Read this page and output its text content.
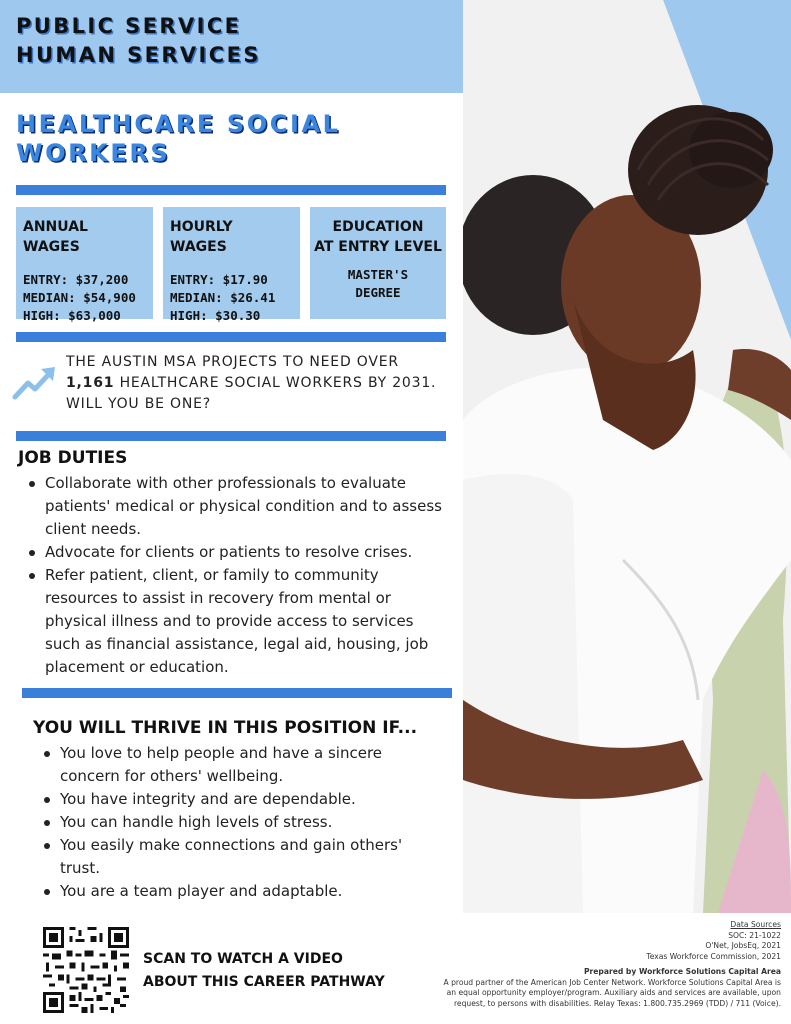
PUBLIC SERVICE
HUMAN SERVICES
HEALTHCARE SOCIAL
WORKERS
ANNUAL WAGES
ENTRY: $37,200
MEDIAN: $54,900
HIGH: $63,000
HOURLY WAGES
ENTRY: $17.90
MEDIAN: $26.41
HIGH: $30.30
EDUCATION
AT ENTRY LEVEL
MASTER'S
DEGREE
THE AUSTIN MSA PROJECTS TO NEED OVER 1,161 HEALTHCARE SOCIAL WORKERS BY 2031. WILL YOU BE ONE?
JOB DUTIES
Collaborate with other professionals to evaluate patients' medical or physical condition and to assess client needs.
Advocate for clients or patients to resolve crises.
Refer patient, client, or family to community resources to assist in recovery from mental or physical illness and to provide access to services such as financial assistance, legal aid, housing, job placement or education.
YOU WILL THRIVE IN THIS POSITION IF...
You love to help people and have a sincere concern for others' wellbeing.
You have integrity and are dependable.
You can handle high levels of stress.
You easily make connections and gain others' trust.
You are a team player and adaptable.
SCAN TO WATCH A VIDEO
ABOUT THIS CAREER PATHWAY
Data Sources
SOC: 21-1022
O'Net, JobsEq, 2021
Texas Workforce Commission, 2021
Prepared by Workforce Solutions Capital Area
A proud partner of the American Job Center Network. Workforce Solutions Capital Area is
an equal opportunity employer/program. Auxiliary aids and services are available, upon
request, to persons with disabilities. Relay Texas: 1.800.735.2969 (TDD) / 711 (Voice).
